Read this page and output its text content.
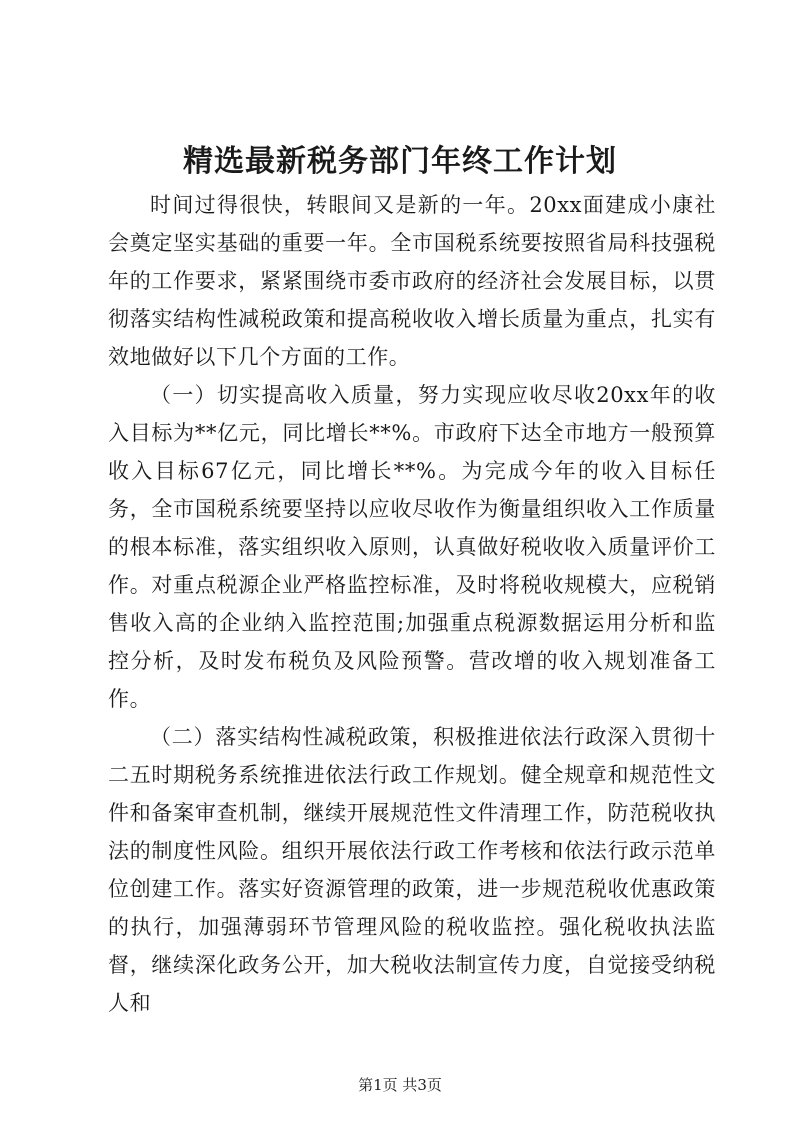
精选最新税务部门年终工作计划

时间过得很快，转眼间又是新的一年。20xx面建成小康社会奠定坚实基础的重要一年。全市国税系统要按照省局科技强税年的工作要求，紧紧围绕市委市政府的经济社会发展目标，以贯彻落实结构性减税政策和提高税收收入增长质量为重点，扎实有效地做好以下几个方面的工作。

（一）切实提高收入质量，努力实现应收尽收20xx年的收入目标为**亿元，同比增长**%。市政府下达全市地方一般预算收入目标67亿元，同比增长**%。为完成今年的收入目标任务，全市国税系统要坚持以应收尽收作为衡量组织收入工作质量的根本标准，落实组织收入原则，认真做好税收收入质量评价工作。对重点税源企业严格监控标准，及时将税收规模大，应税销售收入高的企业纳入监控范围;加强重点税源数据运用分析和监控分析，及时发布税负及风险预警。营改增的收入规划准备工作。

（二）落实结构性减税政策，积极推进依法行政深入贯彻十二五时期税务系统推进依法行政工作规划。健全规章和规范性文件和备案审查机制，继续开展规范性文件清理工作，防范税收执法的制度性风险。组织开展依法行政工作考核和依法行政示范单位创建工作。落实好资源管理的政策，进一步规范税收优惠政策的执行，加强薄弱环节管理风险的税收监控。强化税收执法监督，继续深化政务公开，加大税收法制宣传力度，自觉接受纳税人和

第1页 共3页
